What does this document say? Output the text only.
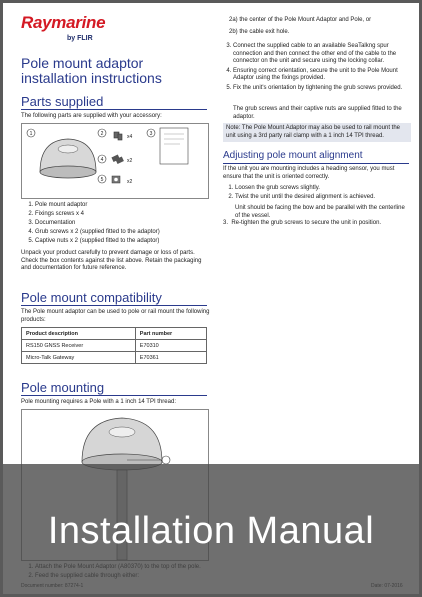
Raymarine
by FLIR
Pole mount adaptor installation instructions
Parts supplied
The following parts are supplied with your accessory:
1	2	3
4
5
x4
x2
x2
1. Pole mount adaptor
2. Fixings screws x 4
3. Documentation
4. Grub screws x 2 (supplied fitted to the adaptor)
5. Captive nuts x 2 (supplied fitted to the adaptor)
Unpack your product carefully to prevent damage or loss of parts. Check the box contents against the list above. Retain the packaging and documentation for future reference.
Pole mount compatibility
The Pole mount adaptor can be used to pole or rail mount the following products:
Product description	Part number
RS150 GNSS Receiver	E70310
Micro-Talk Gateway	E70361
Pole mounting
Pole mounting requires a Pole with a 1 inch 14 TPI thread:
1.
2.
2a) the center of the Pole Mount Adaptor and Pole, or
2b) the cable exit hole.
3. Connect the supplied cable to an available SeaTalkng spur connection and then connect the other end of the cable to the connector on the unit and secure using the locking collar.
4. Ensuring correct orientation, secure the unit to the Pole Mount Adaptor using the fixings provided.
5. Fix the unit's orientation by tightening the grub screws provided.
The grub screws and their captive nuts are supplied fitted to the adaptor.
Note: The Pole Mount Adaptor may also be used to rail mount the unit using a 3rd party rail clamp with a 1 inch 14 TPI thread.
Adjusting pole mount alignment
If the unit you are mounting includes a heading sensor, you must ensure that the unit is oriented correctly.
1. Loosen the grub screws slightly.
2. Twist the unit until the desired alignment is achieved.
Unit should be facing the bow and be parallel with the centerline of the vessel.
3.  Re-tighten the grub screws to secure the unit in position.
Installation Manual
